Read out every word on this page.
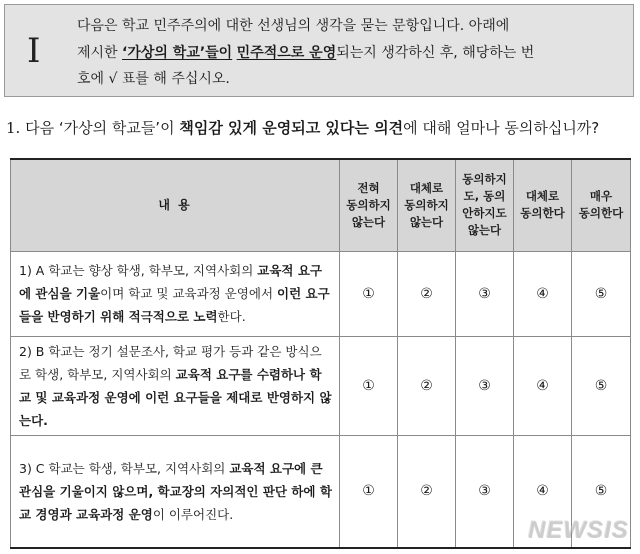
I
다음은 학교 민주주의에 대한 선생님의 생각을 묻는 문항입니다. 아래에
제시한 ‘가상의 학교’들이 민주적으로 운영되는지 생각하신 후, 해당하는 번
호에 √ 표를 해 주십시오.
1. 다음 ‘가상의 학교들’이 책임감 있게 운영되고 있다는 의견에 대해 얼마나 동의하십니까?
내 용	전혀
동의하지
않는다	대체로
동의하지
않는다	동의하지
도, 동의
안하지도
않는다	대체로
동의한다	매우
동의한다
1) A 학교는 향상 학생, 학부모, 지역사회의 교육적 요구에 관심을 기울이며 학교 및 교육과정 운영에서 이런 요구들을 반영하기 위해 적극적으로 노력한다.	①	②	③	④	⑤
2) B 학교는 정기 설문조사, 학교 평가 등과 같은 방식으로 학생, 학부모, 지역사회의 교육적 요구를 수렴하나 학교 및 교육과정 운영에 이런 요구들을 제대로 반영하지 않는다.	①	②	③	④	⑤
3) C 학교는 학생, 학부모, 지역사회의 교육적 요구에 큰 관심을 기울이지 않으며, 학교장의 자의적인 판단 하에 학교 경영과 교육과정 운영이 이루어진다.	①	②	③	④	⑤
NEWSIS
